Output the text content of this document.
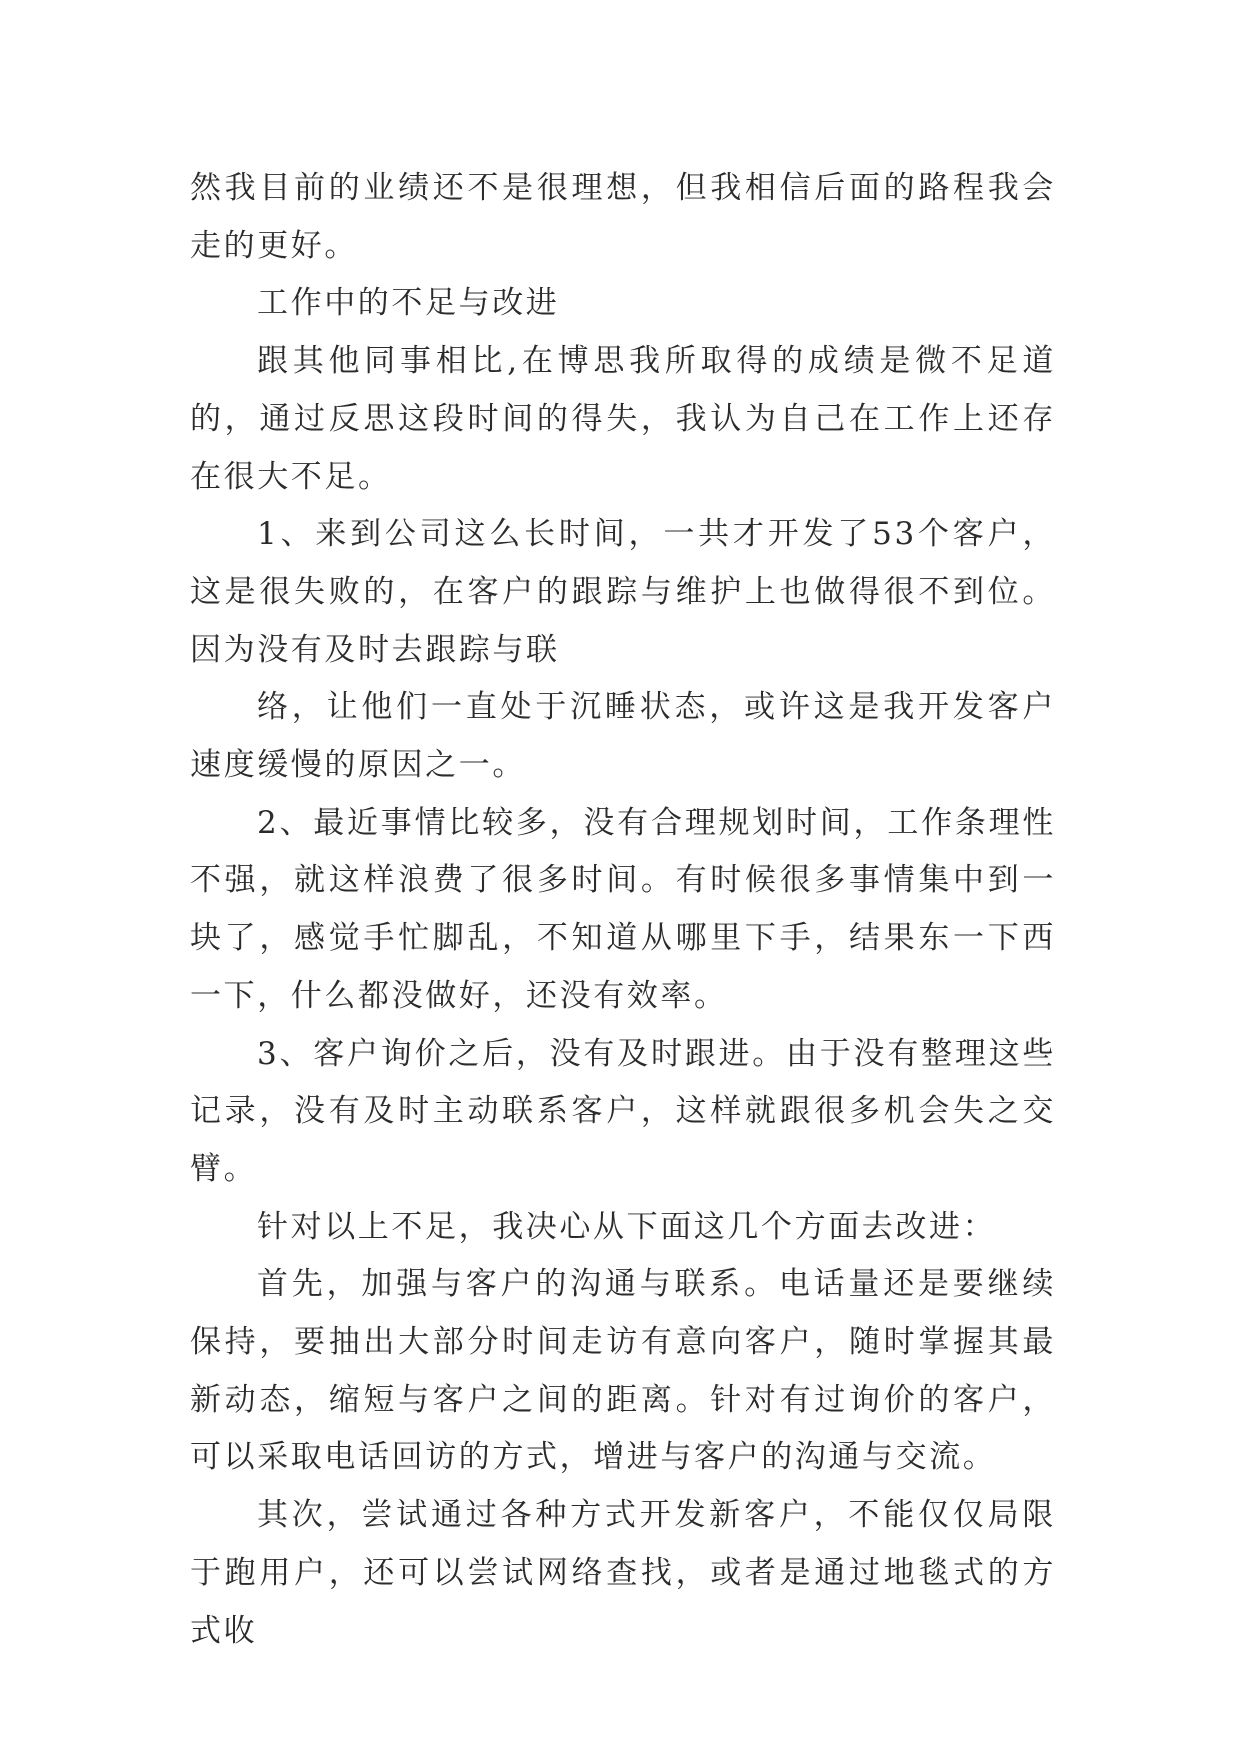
然我目前的业绩还不是很理想，但我相信后面的路程我会走的更好。

工作中的不足与改进

跟其他同事相比,在博思我所取得的成绩是微不足道的，通过反思这段时间的得失，我认为自己在工作上还存在很大不足。

1、来到公司这么长时间，一共才开发了53个客户，这是很失败的，在客户的跟踪与维护上也做得很不到位。因为没有及时去跟踪与联

络，让他们一直处于沉睡状态，或许这是我开发客户速度缓慢的原因之一。

2、最近事情比较多，没有合理规划时间，工作条理性不强，就这样浪费了很多时间。有时候很多事情集中到一块了，感觉手忙脚乱，不知道从哪里下手，结果东一下西一下，什么都没做好，还没有效率。

3、客户询价之后，没有及时跟进。由于没有整理这些记录，没有及时主动联系客户，这样就跟很多机会失之交臂。

针对以上不足，我决心从下面这几个方面去改进：

首先，加强与客户的沟通与联系。电话量还是要继续保持，要抽出大部分时间走访有意向客户，随时掌握其最新动态，缩短与客户之间的距离。针对有过询价的客户，可以采取电话回访的方式，增进与客户的沟通与交流。

其次，尝试通过各种方式开发新客户，不能仅仅局限于跑用户，还可以尝试网络查找，或者是通过地毯式的方式收
